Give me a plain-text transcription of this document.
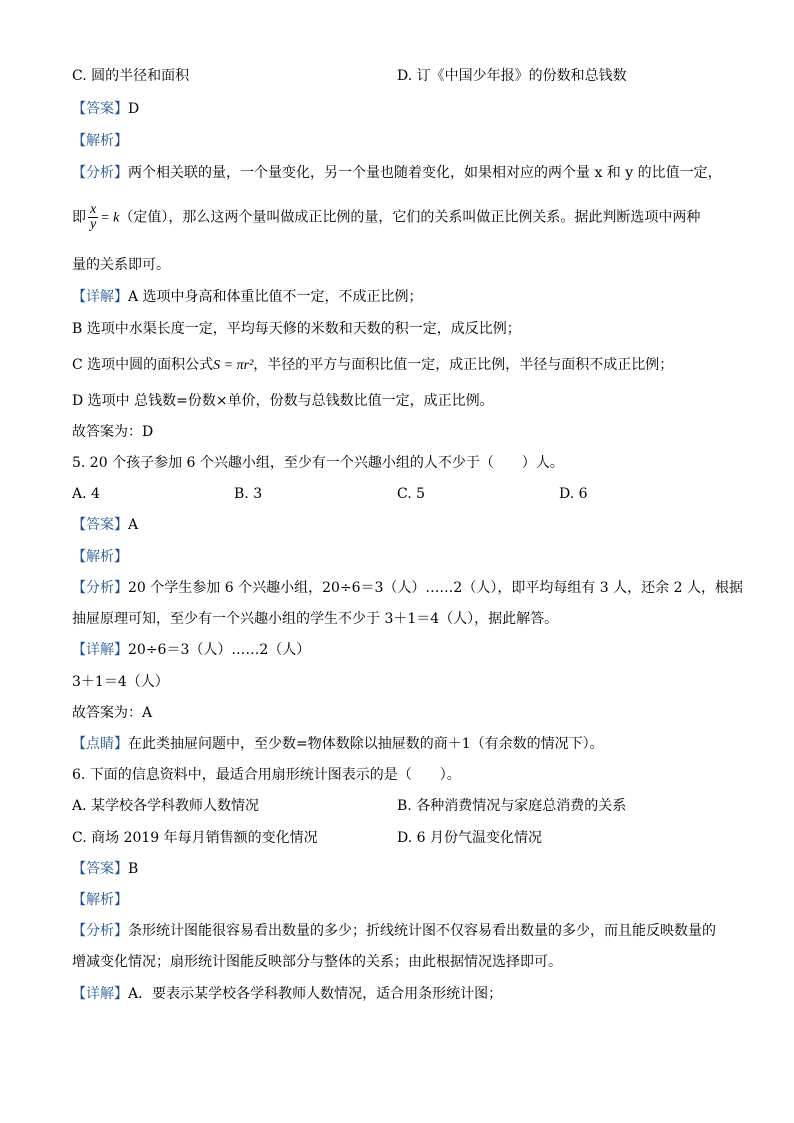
C. 圆的半径和面积	D. 订《中国少年报》的份数和总钱数
【答案】D
【解析】
【分析】两个相关联的量，一个量变化，另一个量也随着变化，如果相对应的两个量 x 和 y 的比值一定，
即 $\frac{x}{y} = k$（定值），那么这两个量叫做成正比例的量，它们的关系叫做正比例关系。据此判断选项中两种
量的关系即可。
【详解】A 选项中身高和体重比值不一定，不成正比例；
B 选项中水渠长度一定，平均每天修的米数和天数的积一定，成反比例；
C 选项中圆的面积公式S = πr²，半径的平方与面积比值一定，成正比例，半径与面积不成正比例；
D 选项中 总钱数=份数×单价，份数与总钱数比值一定，成正比例。
故答案为：D
5. 20 个孩子参加 6 个兴趣小组，至少有一个兴趣小组的人不少于（　　）人。
A. 4	B. 3	C. 5	D. 6
【答案】A
【解析】
【分析】20 个学生参加 6 个兴趣小组，20÷6＝3（人）……2（人），即平均每组有 3 人，还余 2 人，根据
抽屉原理可知，至少有一个兴趣小组的学生不少于 3＋1＝4（人），据此解答。
【详解】20÷6＝3（人）……2（人）
3＋1＝4（人）
故答案为：A
【点睛】在此类抽屉问题中，至少数=物体数除以抽屉数的商＋1（有余数的情况下）。
6. 下面的信息资料中，最适合用扇形统计图表示的是（　　）。
A. 某学校各学科教师人数情况	B. 各种消费情况与家庭总消费的关系
C. 商场 2019 年每月销售额的变化情况	D. 6 月份气温变化情况
【答案】B
【解析】
【分析】条形统计图能很容易看出数量的多少；折线统计图不仅容易看出数量的多少，而且能反映数量的
增减变化情况；扇形统计图能反映部分与整体的关系；由此根据情况选择即可。
【详解】A．要表示某学校各学科教师人数情况，适合用条形统计图；
